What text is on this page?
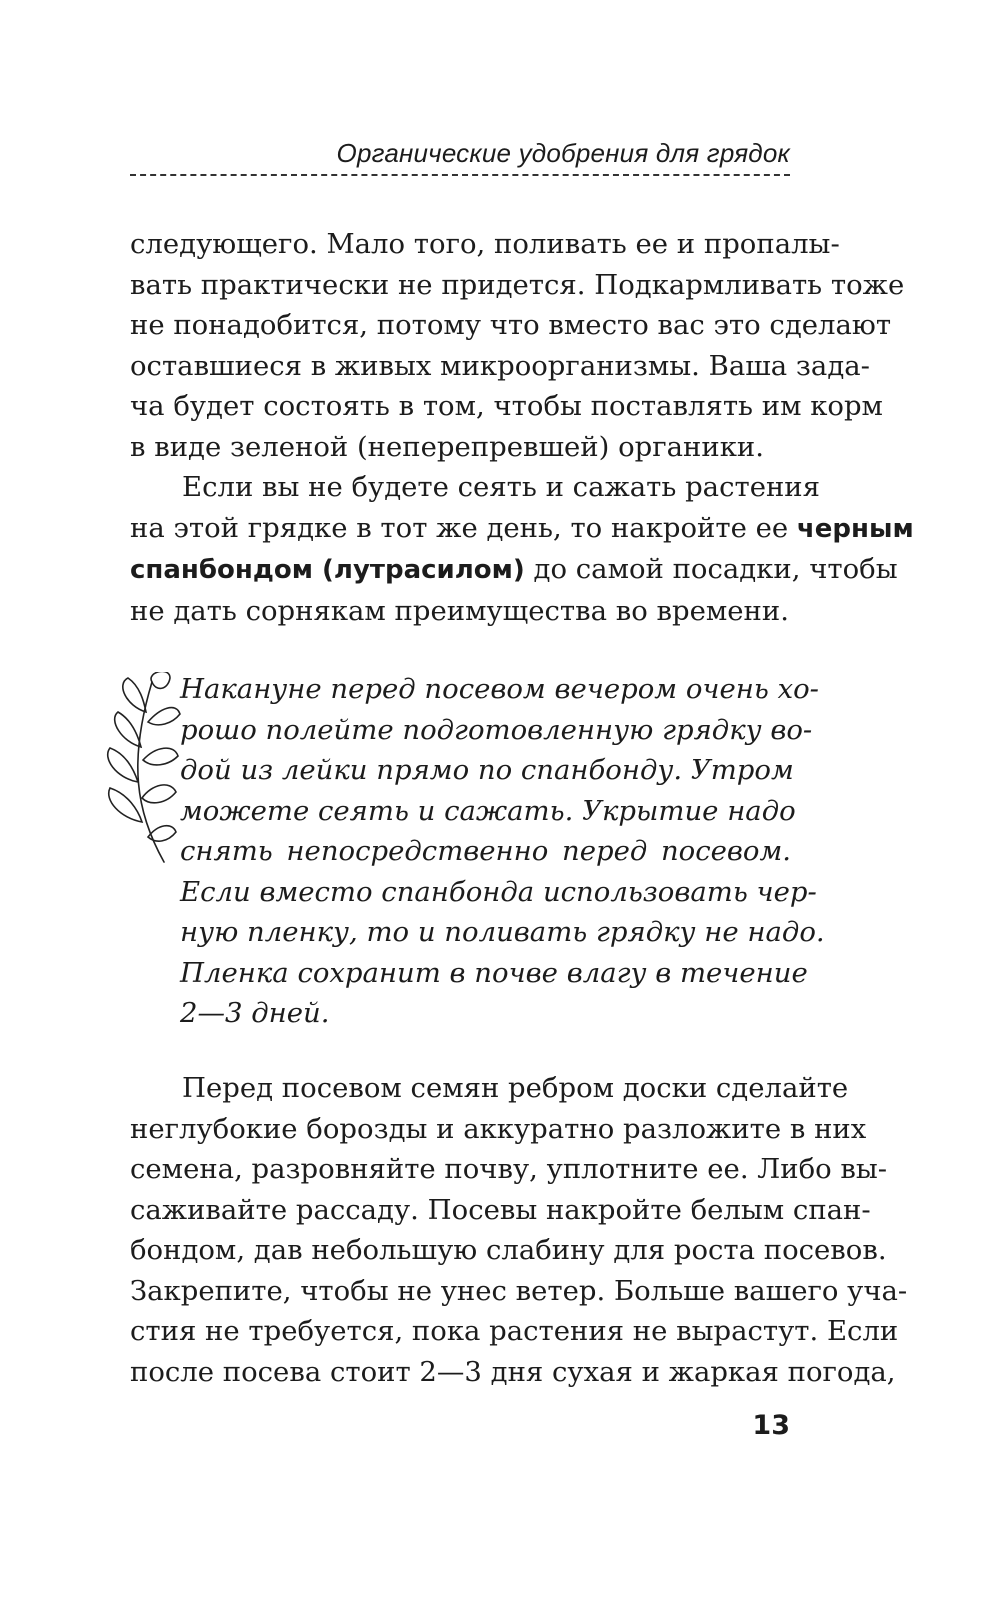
Органические удобрения для грядок
следующего. Мало того, поливать ее и пропалы-
вать практически не придется. Подкармливать тоже
не понадобится, потому что вместо вас это сделают
оставшиеся в живых микроорганизмы. Ваша зада-
ча будет состоять в том, чтобы поставлять им корм
в виде зеленой (неперепревшей) органики.
Если вы не будете сеять и сажать растения
на этой грядке в тот же день, то накройте ее черным
спанбондом (лутрасилом) до самой посадки, чтобы
не дать сорнякам преимущества во времени.
Накануне перед посевом вечером очень хо-
рошо полейте подготовленную грядку во-
дой из лейки прямо по спанбонду. Утром
можете сеять и сажать. Укрытие надо
снять непосредственно перед посевом.
Если вместо спанбонда использовать чер-
ную пленку, то и поливать грядку не надо.
Пленка сохранит в почве влагу в течение
2—3 дней.
Перед посевом семян ребром доски сделайте
неглубокие борозды и аккуратно разложите в них
семена, разровняйте почву, уплотните ее. Либо вы-
саживайте рассаду. Посевы накройте белым спан-
бондом, дав небольшую слабину для роста посевов.
Закрепите, чтобы не унес ветер. Больше вашего уча-
стия не требуется, пока растения не вырастут. Если
после посева стоит 2—3 дня сухая и жаркая погода,
13
